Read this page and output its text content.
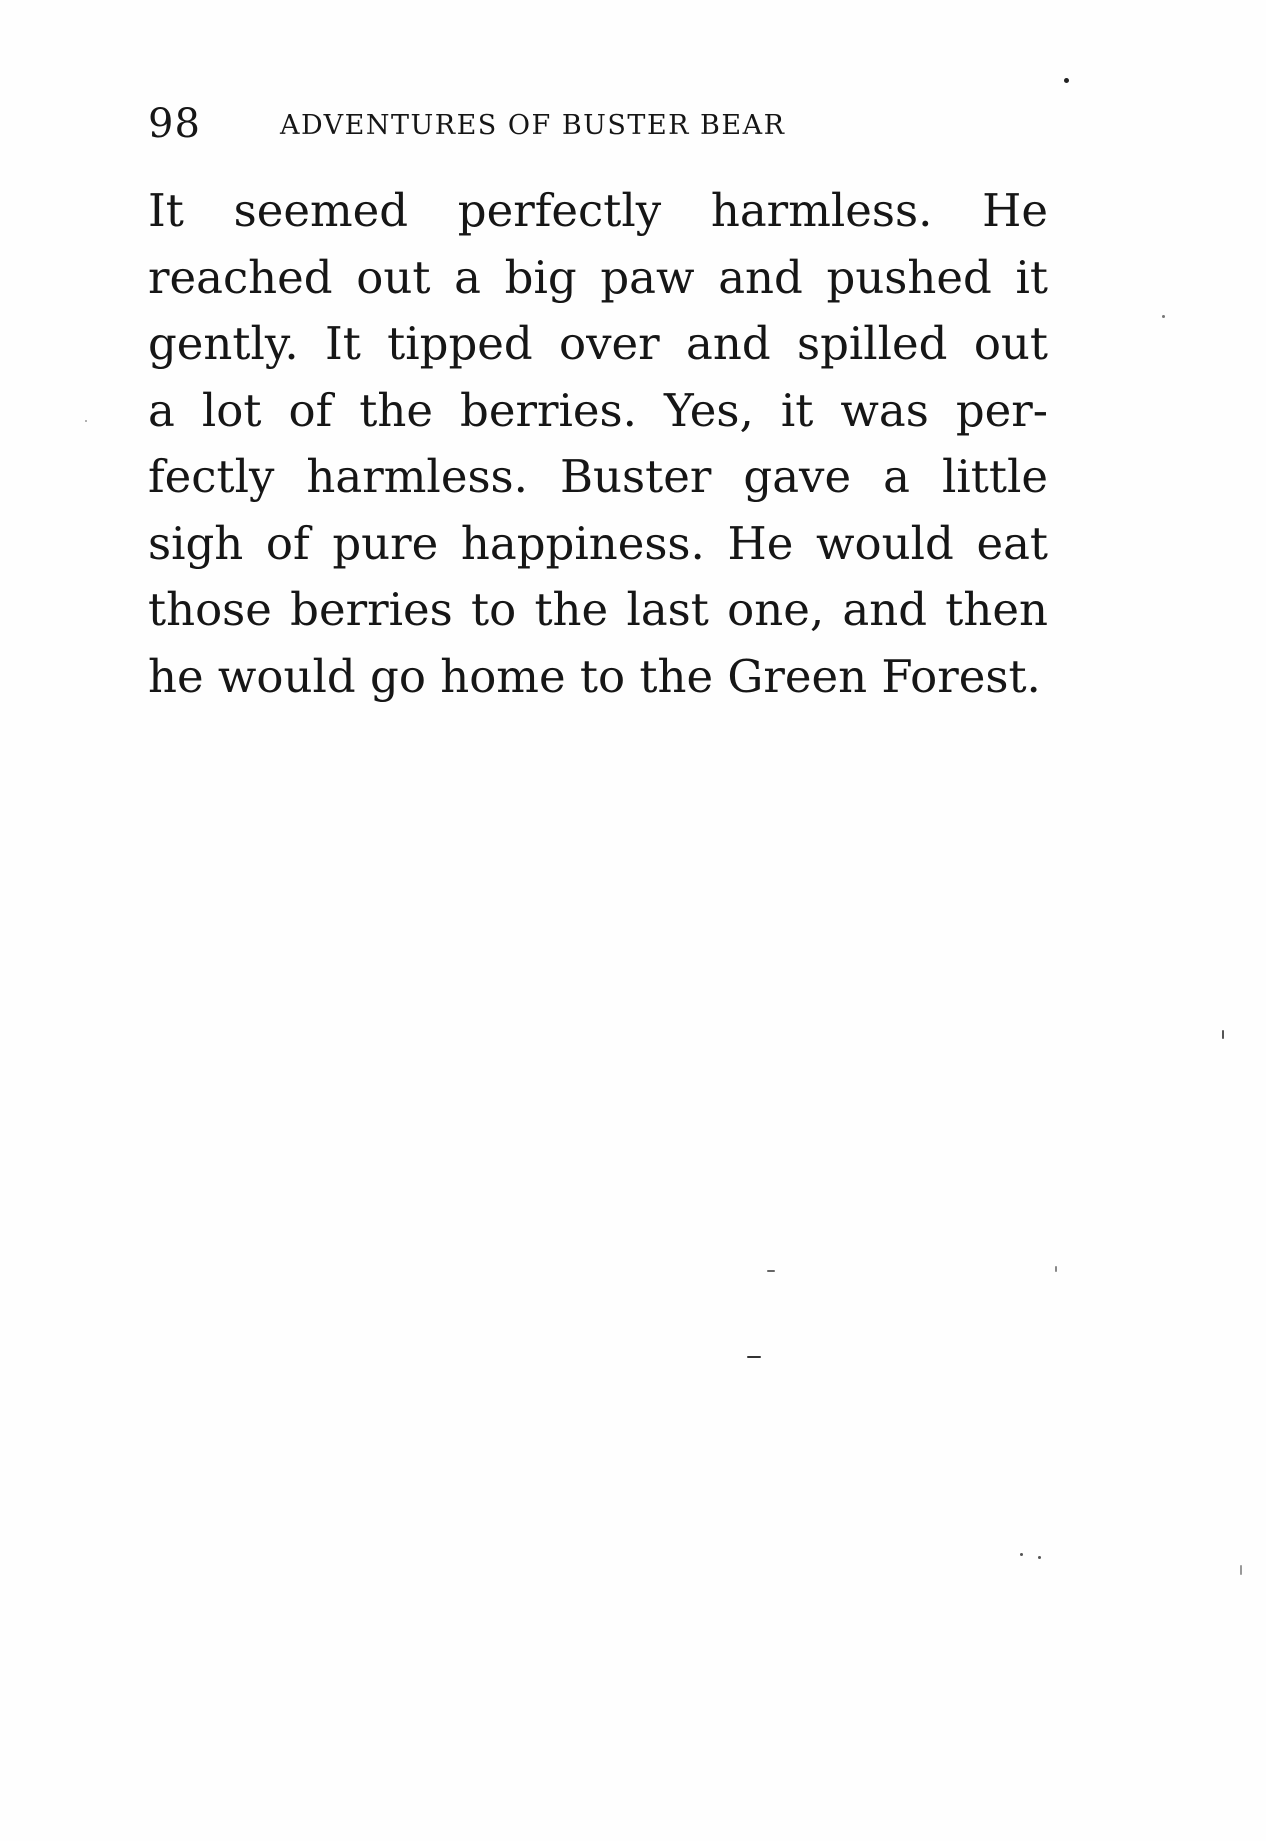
98	ADVENTURES OF BUSTER BEAR
It seemed perfectly harmless. He
reached out a big paw and pushed it
gently. It tipped over and spilled out
a lot of the berries. Yes, it was per-
fectly harmless. Buster gave a little
sigh of pure happiness. He would eat
those berries to the last one, and then
he would go home to the Green Forest.
